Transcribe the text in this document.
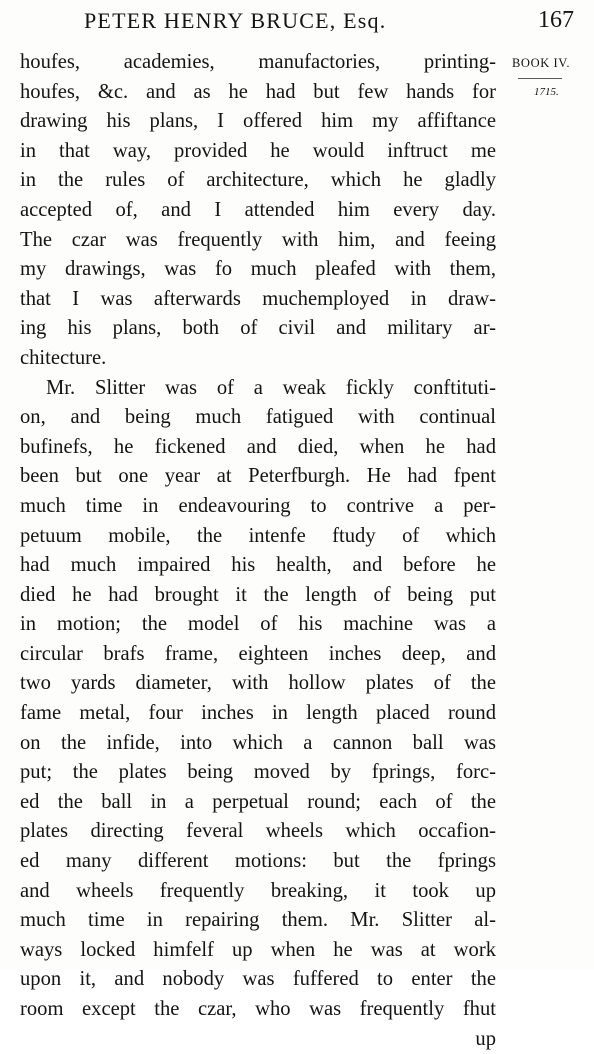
PETER HENRY BRUCE, Esq.	167
BOOK IV.
1715.
houfes, academies, manufactories, printing-
houfes, &c. and as he had but few hands for
drawing his plans, I offered him my affiftance
in that way, provided he would inftruct me
in the rules of architecture, which he gladly
accepted of, and I attended him every day.
The czar was frequently with him, and feeing
my drawings, was fo much pleafed with them,
that I was afterwards muchemployed in draw-
ing his plans, both of civil and military ar-
chitecture.
Mr. Slitter was of a weak fickly conftituti-
on, and being much fatigued with continual
bufinefs, he fickened and died, when he had
been but one year at Peterfburgh. He had fpent
much time in endeavouring to contrive a per-
petuum mobile, the intenfe ftudy of which
had much impaired his health, and before he
died he had brought it the length of being put
in motion; the model of his machine was a
circular brafs frame, eighteen inches deep, and
two yards diameter, with hollow plates of the
fame metal, four inches in length placed round
on the infide, into which a cannon ball was
put; the plates being moved by fprings, forc-
ed the ball in a perpetual round; each of the
plates directing feveral wheels which occafion-
ed many different motions: but the fprings
and wheels frequently breaking, it took up
much time in repairing them. Mr. Slitter al-
ways locked himfelf up when he was at work
upon it, and nobody was fuffered to enter the
room except the czar, who was frequently fhut
up
